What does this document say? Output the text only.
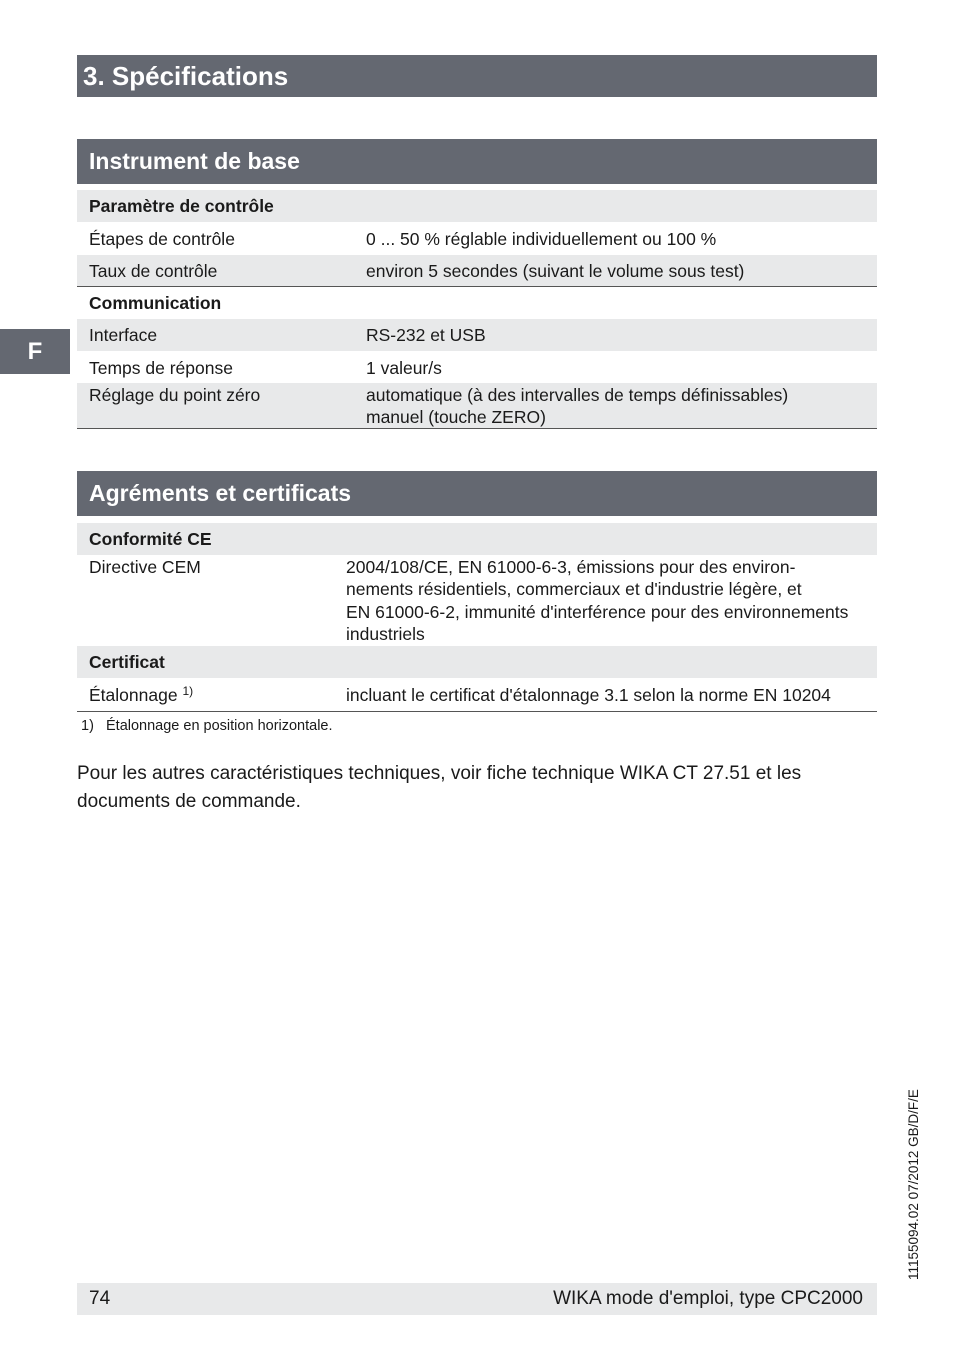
3. Spécifications
F
Instrument de base
Paramètre de contrôle
Étapes de contrôle	0 ... 50 % réglable individuellement ou 100 %
Taux de contrôle	environ 5 secondes (suivant le volume sous test)
Communication
Interface	RS-232 et USB
Temps de réponse	1 valeur/s
Réglage du point zéro	automatique (à des intervalles de temps définissables)
manuel (touche ZERO)
Agréments et certificats
Conformité CE
Directive CEM	2004/108/CE, EN 61000-6-3, émissions pour des environ-
nements résidentiels, commerciaux et d'industrie légère, et
EN 61000-6-2, immunité d'interférence pour des environnements
industriels
Certificat
Étalonnage $^{1)}$	incluant le certificat d'étalonnage 3.1 selon la norme EN 10204
1) Étalonnage en position horizontale.
Pour les autres caractéristiques techniques, voir fiche technique WIKA CT 27.51 et les
documents de commande.
11155094.02 07/2012 GB/D/F/E
74	WIKA mode d'emploi, type CPC2000
